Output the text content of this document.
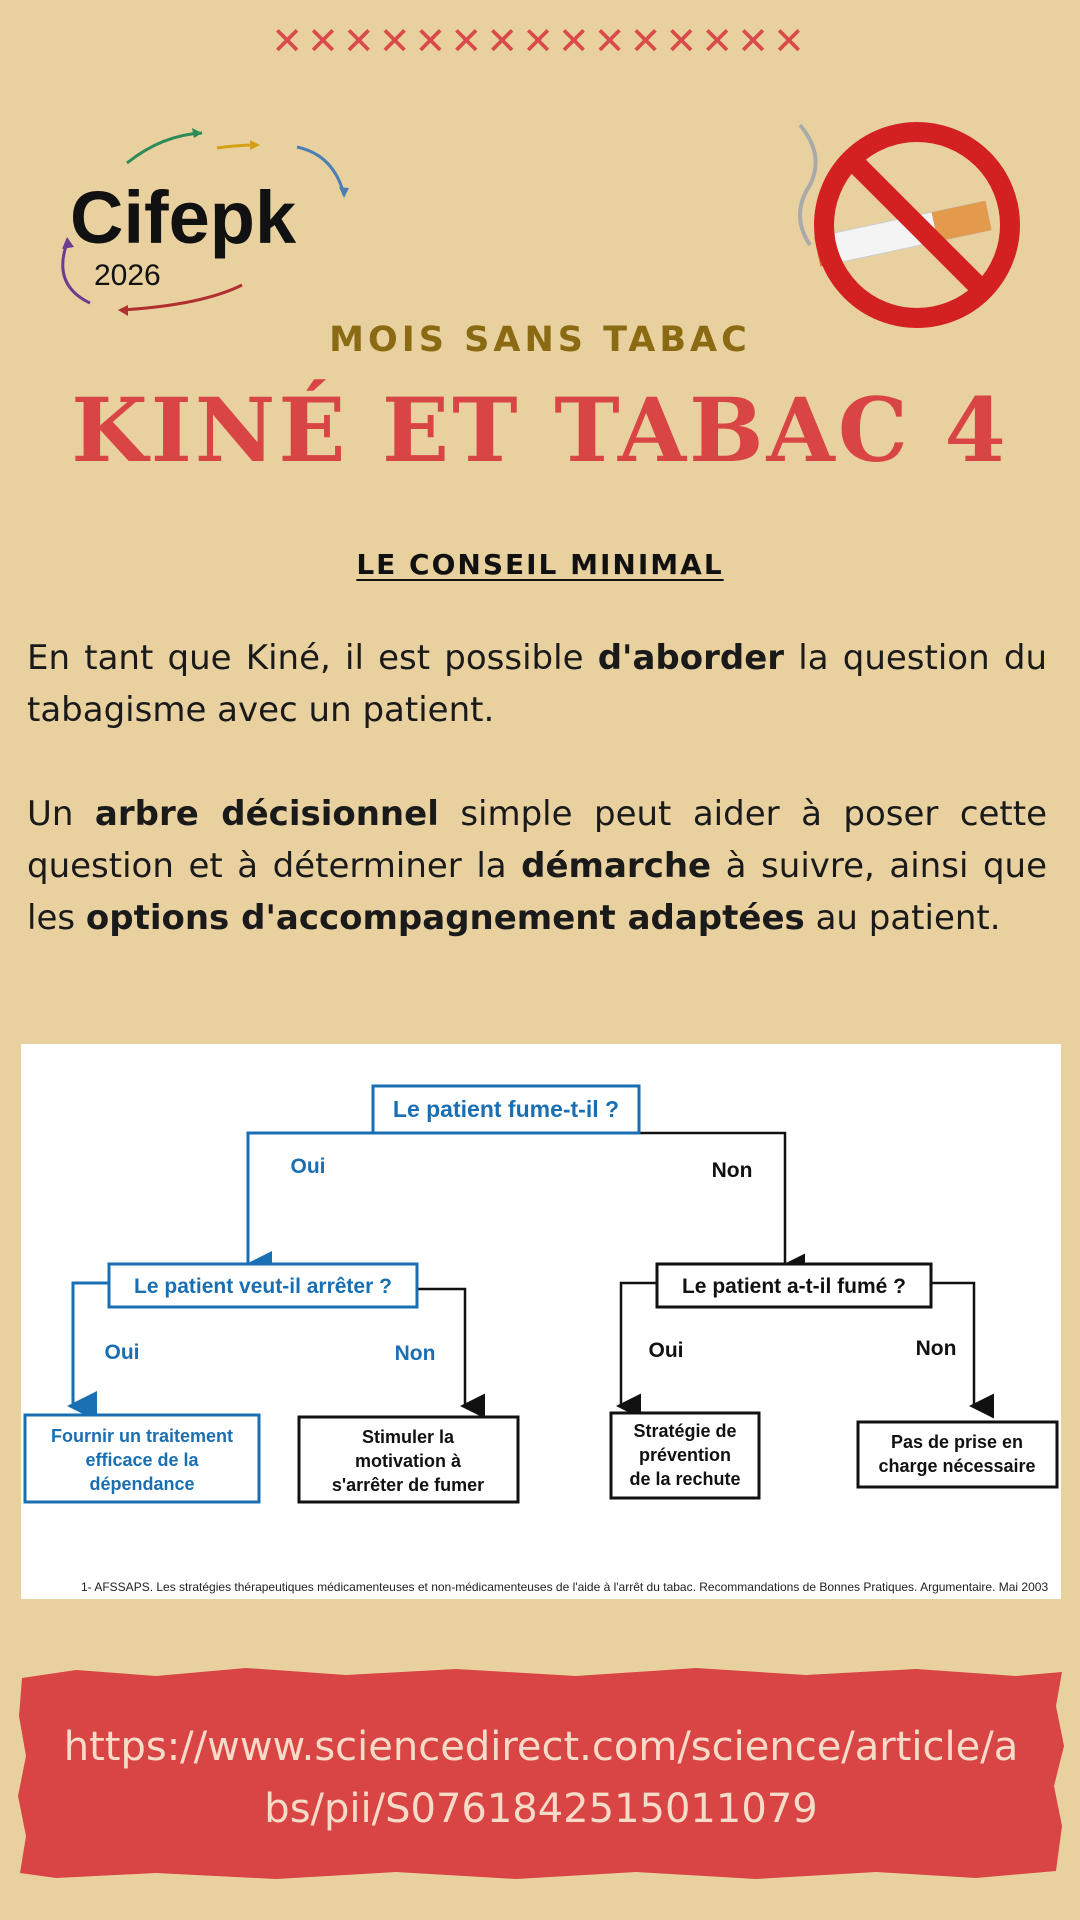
✕✕✕✕✕✕✕✕✕✕✕✕✕✕✕
Cifepk
2026
MOIS SANS TABAC
KINÉ ET TABAC 4
LE CONSEIL MINIMAL

En tant que Kiné, il est possible d'aborder la question du tabagisme avec un patient.

Un arbre décisionnel simple peut aider à poser cette question et à déterminer la démarche à suivre, ainsi que les options d'accompagnement adaptées au patient.

Le patient fume-t-il ?
Oui	Non
Le patient veut-il arrêter ?
Oui	Non
Le patient a-t-il fumé ?
Oui	Non
Fournir un traitement
efficace de la
dépendance
Stimuler la
motivation à
s'arrêter de fumer
Stratégie de
prévention
de la rechute
Pas de prise en
charge nécessaire
1- AFSSAPS. Les stratégies thérapeutiques médicamenteuses et non-médicamenteuses de l'aide à l'arrêt du tabac. Recommandations de Bonnes Pratiques. Argumentaire. Mai 2003
https://www.sciencedirect.com/science/article/abs/pii/S0761842515011079
